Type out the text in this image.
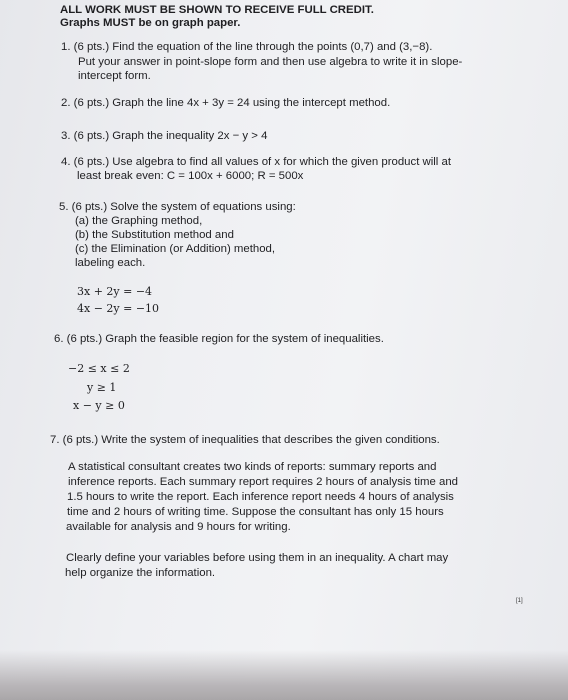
ALL WORK MUST BE SHOWN TO RECEIVE FULL CREDIT.
Graphs MUST be on graph paper.
1. (6 pts.) Find the equation of the line through the points (0,7) and (3,−8).
Put your answer in point-slope form and then use algebra to write it in slope-
intercept form.
2. (6 pts.) Graph the line 4x + 3y = 24 using the intercept method.
3. (6 pts.) Graph the inequality 2x − y > 4
4. (6 pts.) Use algebra to find all values of x for which the given product will at
least break even: C = 100x + 6000; R = 500x
5. (6 pts.) Solve the system of equations using:
(a) the Graphing method,
(b) the Substitution method and
(c) the Elimination (or Addition) method,
labeling each.
3x + 2y = −4
4x − 2y = −10
6. (6 pts.) Graph the feasible region for the system of inequalities.
−2 ≤ x ≤ 2
y ≥ 1
x − y ≥ 0
7. (6 pts.) Write the system of inequalities that describes the given conditions.
A statistical consultant creates two kinds of reports: summary reports and
inference reports. Each summary report requires 2 hours of analysis time and
1.5 hours to write the report. Each inference report needs 4 hours of analysis
time and 2 hours of writing time. Suppose the consultant has only 15 hours
available for analysis and 9 hours for writing.
Clearly define your variables before using them in an inequality. A chart may
help organize the information.
[1]
